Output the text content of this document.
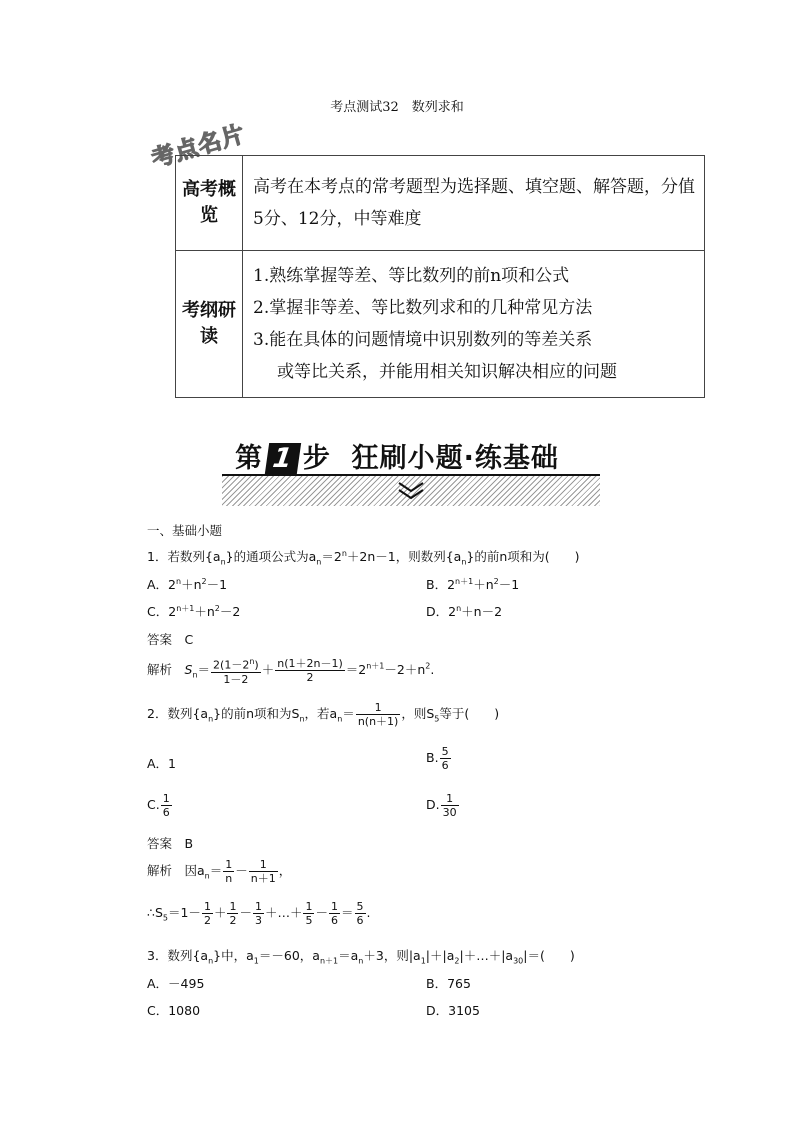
考点测试32　数列求和
考点名片
高考概览	高考在本考点的常考题型为选择题、填空题、解答题，分值5分、12分，中等难度
考纲研读	1.熟练掌握等差、等比数列的前n项和公式
2.掌握非等差、等比数列求和的几种常见方法
3.能在具体的问题情境中识别数列的等差关系
或等比关系，并能用相关知识解决相应的问题
第 1 步 狂刷小题·练基础
一、基础小题
1．若数列$\{a_n\}$的通项公式为$a_n=2^n+2n-1$，则数列$\{a_n\}$的前n项和为(　　)
A．$2^n+n^2-1$	B．$2^{n+1}+n^2-1$
C．$2^{n+1}+n^2-2$	D．$2^n+n-2$
答案　C
解析　$S_n= \frac{2(1-2^n)}{1-2} + \frac{n(1+2n-1)}{2} =2^{n+1}-2+n^2$.
2．数列$\{a_n\}$的前n项和为$S_n$，若$a_n= \frac{1}{n(n+1)}$ ，则$S_5$等于(　　)
A．1	B. $\frac{5}{6}$
C. $\frac{1}{6}$	D. $\frac{1}{30}$
答案　B
解析　因$a_n= \frac{1}{n} - \frac{1}{n+1}$ ，
$\therefore S_5=1- \frac{1}{2} + \frac{1}{2} - \frac{1}{3}$ ＋…＋ $\frac{1}{5} - \frac{1}{6} = \frac{5}{6}$ .
3．数列$\{a_n\}$中，$a_1=-60$，$a_{n+1}=a_n+3$，则$|a_1|+|a_2|+\dots+|a_{30}|=$(　　)
A．－495	B．765
C．1080	D．3105
